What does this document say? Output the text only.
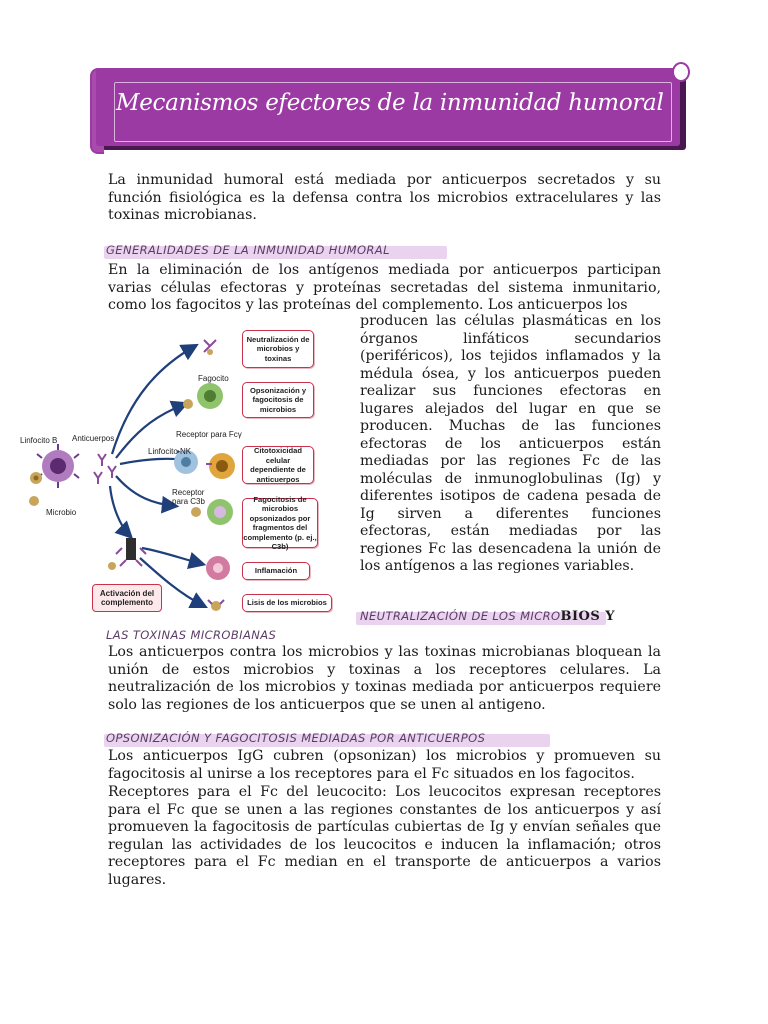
Mecanismos efectores de la inmunidad humoral
La inmunidad humoral está mediada por anticuerpos secretados y su función fisiológica es la defensa contra los microbios extracelulares y las toxinas microbianas.
GENERALIDADES DE LA INMUNIDAD HUMORAL
En la eliminación de los antígenos mediada por anticuerpos participan varias células efectoras y proteínas secretadas del sistema inmunitario, como los fagocitos y las proteínas del complemento. Los anticuerpos los
producen las células plasmáticas en los órganos linfáticos secundarios (periféricos), los tejidos inflamados y la médula ósea, y los anticuerpos pueden realizar sus funciones efectoras en lugares alejados del lugar en que se producen. Muchas de las funciones efectoras de los anticuerpos están mediadas por las regiones Fc de las moléculas de inmunoglobulinas (Ig) y diferentes isotipos de cadena pesada de Ig sirven a diferentes funciones efectoras, están mediadas por las regiones Fc las desencadena la unión de los antígenos a las regiones variables.
Linfocito B Anticuerpos
Microbio
Fagocito
Receptor para Fcγ
Linfocito NK
Receptor para C3b
Neutralización de microbios y toxinas
Opsonización y fagocitosis de microbios
Citotoxicidad celular dependiente de anticuerpos
Fagocitosis de microbios opsonizados por fragmentos del complemento (p. ej., C3b)
Inflamación
Lisis de los microbios
Activación del complemento
NEUTRALIZACIÓN DE LOS MICROBIOS Y
LAS TOXINAS MICROBIANAS
Los anticuerpos contra los microbios y las toxinas microbianas bloquean la unión de estos microbios y toxinas a los receptores celulares. La neutralización de los microbios y toxinas mediada por anticuerpos requiere solo las regiones de los anticuerpos que se unen al antigeno.
OPSONIZACIÓN Y FAGOCITOSIS MEDIADAS POR ANTICUERPOS
Los anticuerpos IgG cubren (opsonizan) los microbios y promueven su fagocitosis al unirse a los receptores para el Fc situados en los fagocitos.
Receptores para el Fc del leucocito: Los leucocitos expresan receptores para el Fc que se unen a las regiones constantes de los anticuerpos y así promueven la fagocitosis de partículas cubiertas de Ig y envían señales que regulan las actividades de los leucocitos e inducen la inflamación; otros receptores para el Fc median en el transporte de anticuerpos a varios lugares.
